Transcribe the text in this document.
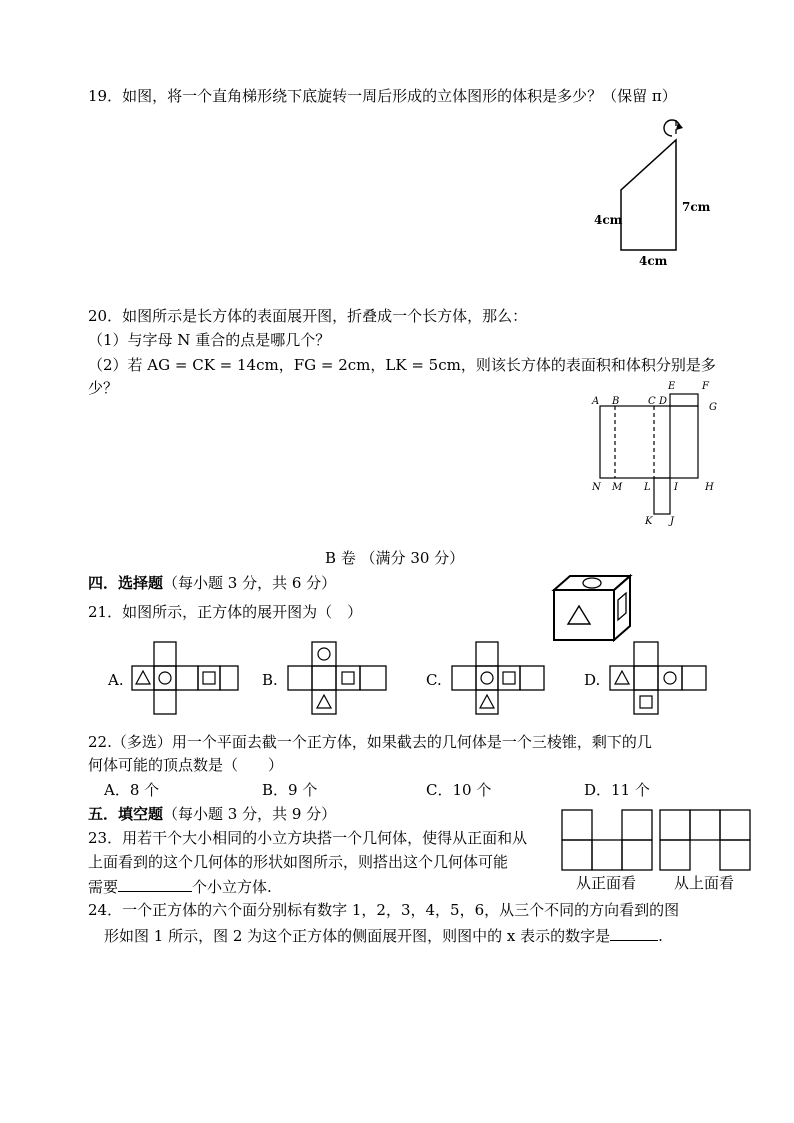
19．如图，将一个直角梯形绕下底旋转一周后形成的立体图形的体积是多少？（保留 π）
4cm
7cm
4cm
20．如图所示是长方体的表面展开图，折叠成一个长方体，那么：
（1）与字母 N 重合的点是哪几个？
（2）若 AG = CK = 14cm，FG = 2cm，LK = 5cm，则该长方体的表面积和体积分别是多
少？
A B	C D
E	F
G
N M L I	H
K J
B 卷 （满分 30 分）
四．选择题（每小题 3 分，共 6 分）
21．如图所示，正方体的展开图为（　）
A.	B.	C.	D.
22.（多选）用一个平面去截一个正方体，如果截去的几何体是一个三棱锥，剩下的几
何体可能的顶点数是（　　）
A．8 个	B．9 个	C．10 个	D．11 个
五．填空题（每小题 3 分，共 9 分）
23．用若干个大小相同的小立方块搭一个几何体，使得从正面和从
上面看到的这个几何体的形状如图所示，则搭出这个几何体可能
需要	个小立方体.	从正面看	从上面看
24．一个正方体的六个面分别标有数字 1，2，3，4，5，6，从三个不同的方向看到的图
形如图 1 所示，图 2 为这个正方体的侧面展开图，则图中的 x 表示的数字是	.
